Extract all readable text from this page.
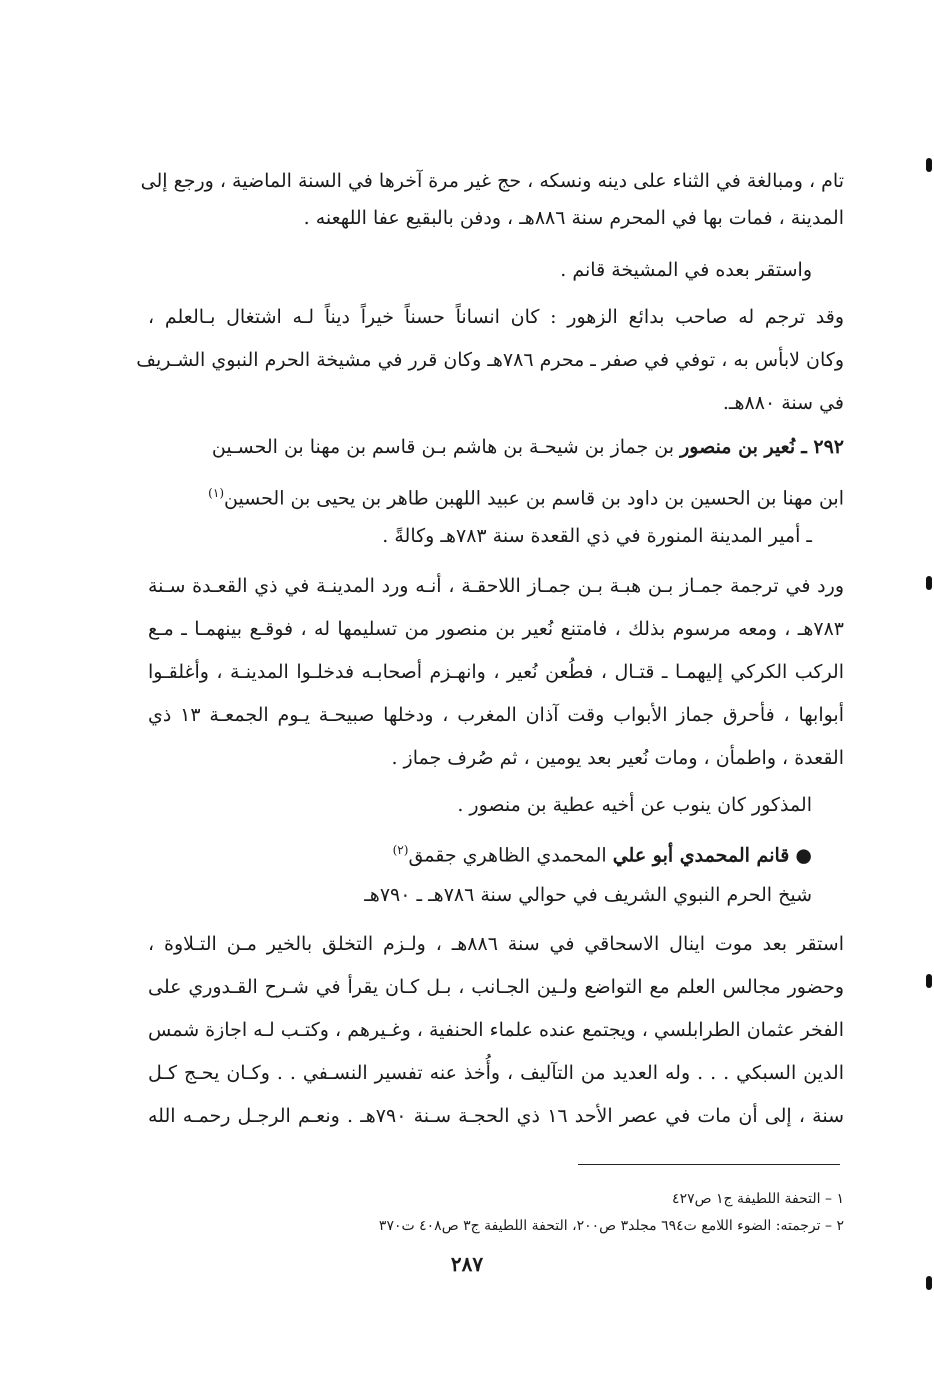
تام ، ومبالغة في الثناء على دينه ونسكه ، حج غير مرة آخرها في السنة الماضية ، ورجع إلى
المدينة ، فمات بها في المحرم سنة ٨٨٦هـ ، ودفن بالبقيع عفا اللهعنه .
واستقر بعده في المشيخة قانم .
وقد ترجم له صاحب بدائع الزهور : كان انساناً حسناً خيراً ديناً لـه اشتغال بـالعلم ،
وكان لابأس به ، توفي في صفر ـ محرم ٧٨٦هـ وكان قرر في مشيخة الحرم النبوي الشـريف
في سنة ٨٨٠هـ.
٢٩٢ ـ نُعير بن منصور بن جماز بن شيحـة بن هاشم بـن قاسم بن مهنا بن الحسـين
ابن مهنا بن الحسين بن داود بن قاسم بن عبيد اللهبن طاهر بن يحيى بن الحسين$^{(١)}$
ـ أمير المدينة المنورة في ذي القعدة سنة ٧٨٣هـ وكالةً .
ورد في ترجمة جمـاز بـن هبـة بـن جمـاز اللاحقـة ، أنـه ورد المدينـة في ذي القعـدة سـنة
٧٨٣هـ ، ومعه مرسوم بذلك ، فامتنع نُعير بن منصور من تسليمها له ، فوقـع بينهمـا ـ مـع
الركب الكركي إليهمـا ـ قتـال ، فطُعن نُعير ، وانهـزم أصحابـه فدخلـوا المدينـة ، وأغلقـوا
أبوابها ، فأحرق جماز الأبواب وقت آذان المغرب ، ودخلها صبيحـة يـوم الجمعـة ١٣ ذي
القعدة ، واطمأن ، ومات نُعير بعد يومين ، ثم صُرف جماز .
المذكور كان ينوب عن أخيه عطية بن منصور .
● قانم المحمدي أبو علي المحمدي الظاهري جقمق$^{(٢)}$
شيخ الحرم النبوي الشريف في حوالي سنة ٧٨٦هـ ـ ٧٩٠هـ
استقر بعد موت اينال الاسحاقي في سنة ٨٨٦هـ ، ولـزم التخلق بالخير مـن التـلاوة ،
وحضور مجالس العلم مع التواضع ولـين الجـانب ، بـل كـان يقرأ في شـرح القـدوري على
الفخر عثمان الطرابلسي ، ويجتمع عنده علماء الحنفية ، وغـيرهم ، وكتـب لـه اجازة شمس
الدين السبكي . . . وله العديد من التآليف ، وأُخذ عنه تفسير النسـفي . . وكـان يحـج كـل
سنة ، إلى أن مات في عصر الأحد ١٦ ذي الحجـة سـنة ٧٩٠هـ . ونعـم الرجـل رحمـه الله
١ – التحفة اللطيفة ج١ ص٤٢٧
٢ – ترجمته: الضوء اللامع ت٦٩٤ مجلد٣ ص٢٠٠، التحفة اللطيفة ج٣ ص٤٠٨ ت٣٧٠
٢٨٧
